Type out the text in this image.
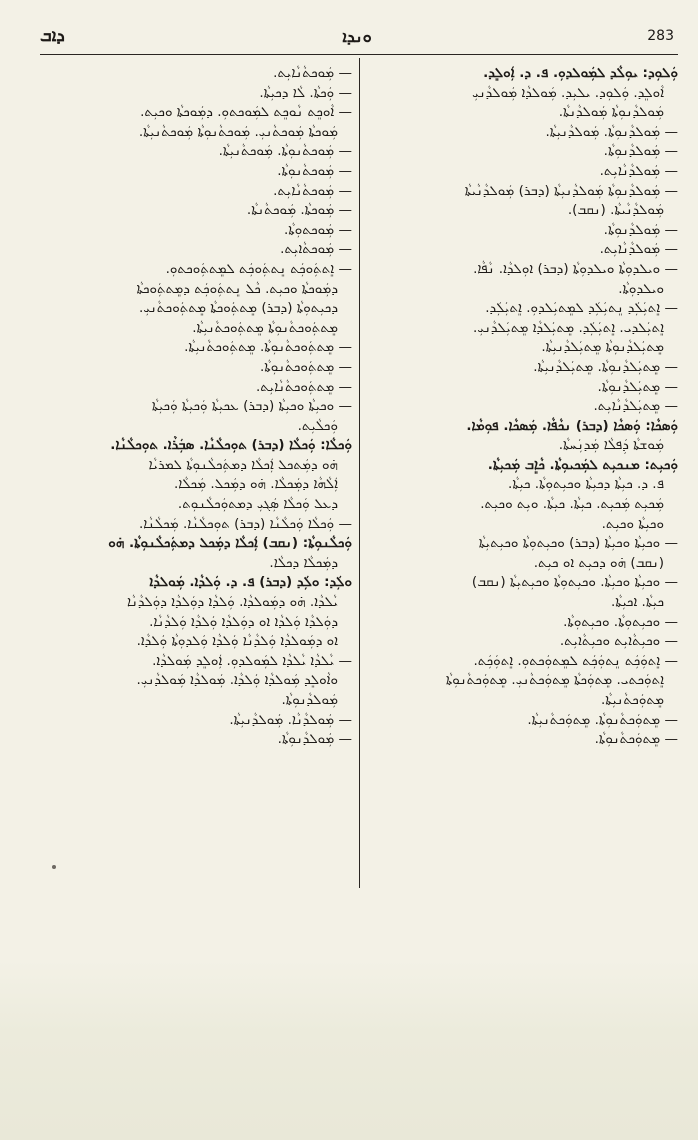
ܕܐܒ	ܘܢܕܐ	283
ܘܲܠܘܼܕ: ܝܘܼܠܵܕ ܠܡܲܘܠܕܘܼ. ܦ. ܕ. ܐܲܘܠܸܕ.
ܐܵܘܠܸܕ. ܘܲܠܘܼܕ. ܝܠܝܼܕ. ܡܲܘܠܕܵܐ ܡܲܘܠܕܵܢܝܼ
ܡܲܘܠܕܵܢܘܼܬܵܐ ܡܲܘܠܕܵܢܬܵܐ.
— ܡܲܘܠܕܵܢܘܼܬܵܐ. ܡܲܘܠܕܵܢܝܼܬܵܐ.
— ܡܲܘܠܕܵܢܘܼܬܵܐ.
— ܡܲܘܠܕܵܢܵܐܝܼܬ.
— ܡܲܘܠܕܵܢܘܼܬܵܐ ܡܲܘܠܕܵܢܝܼܬܵܐ (ܕܒܪ) ܡܲܘܠܕܵܢܵܝܬܵܐ
ܡܲܘܠܕܵܢܵܝܬܵܐ. (ܢܩܒ).
— ܡܲܘܠܕܵܢܘܼܬܵܐ.
— ܡܲܘܠܕܵܢܵܐܝܼܬ.
— ܘܝܠܕܘܼܬܵܐ ܘܝܠܕܘܼܬܵܐ (ܕܒܪ) ܐܘܼܠܕܵܐ. ܢܵܦܵܐ.
ܘܝܠܕܘܼܬܵܐ.
— ܐܸܬܝܲܠܲܕ ܢܸܬܝܲܠܲܕ ܠܡܸܬܝܲܠܕܘܼ. ܐܸܬܝܲܠܲܕ.
ܐܸܬܝܲܠܕܝ. ܐܸܬܝܲܠܲܕ. ܡܸܬܝܲܠܕܵܐ ܡܸܬܝܲܠܕܵܢܝܼ.
ܡܸܬܝܲܠܕܵܢܘܼܬܵܐ ܡܸܬܝܲܠܕܵܢܝܼܬܵܐ.
— ܡܸܬܝܲܠܕܵܢܘܼܬܵܐ. ܡܸܬܝܲܠܕܵܢܝܼܬܵܐ.
— ܡܸܬܝܲܠܕܵܢܘܼܬܵܐ.
— ܡܸܬܝܲܠܕܵܢܵܐܝܼܬ.
ܘܲܣܟܵܐ: ܘܲܣܟܵܐ (ܕܒܪ) ܢܟܵܦܵܐ. ܡܲܣܟܵܐ. ܦܘܼܡܵܐ.
ܡܲܘܫܬܵܐ ܕܲܦܠܵܐ ܡܲܕܢܲܚܬܵܐ.
ܘܲܟܝܼܬ: ܡܢܟܝܼܬ ܠܡܲܟܝܘܼܬܵܐ. ܟܵܐܸܒ ܡܲܟܝܼܬܵܐ.
ܦ. ܕ. ܟܝܼܬܵܐ ܕܟܝܼܬܵܐ ܘܟܝܼܬܘܼܬܵܐ. ܟܝܼܬܵܐ.
ܡܲܟܝܼܬ ܡܲܟܝܼܬ. ܟܝܼܬܵܐ. ܟܝܼܬܵܐ. ܘܝܼܬ ܘܟܝܼܬ.
ܘܟܝܼܬܵܐ ܘܟܝܼܬ.
— ܘܟܝܼܬܵܐ ܘܟܝܼܬܵܐ (ܕܒܪ) ܘܟܝܼܬܘܼܬܵܐ ܘܟܝܼܬܝܼܬܵܐ
(ܢܩܒ) ܗ̇ܘ ܕܟܝܼܬ ܐܘ ܟܝܼܬ.
— ܘܟܝܼܬܵܐ ܘܟܝܼܬܵܐ. ܘܟܝܼܬܘܼܬܵܐ ܘܟܝܼܬܝܼܬܵܐ (ܢܩܒ)
ܟܝܼܬܵܐ. ܐܟܝܼܬܵܐ.
— ܘܟܝܼܬܘܼܬܵܐ. ܘܟܝܼܬܘܼܬܵܐ.
— ܘܟܝܼܬܵܐܝܼܬ ܘܟܝܼܬܵܐܝܼܬ.
— ܐܸܬܘܲܟܲܬ ܢܸܬܘܲܟܲܬ ܠܡܸܬܘܲܟܬܘܼ. ܐܸܬܘܲܟܲܬ.
ܐܸܬܘܲܟܬܝ. ܡܸܬܘܲܟܬܵܐ ܡܸܬܘܲܟܬܵܢܝܼ. ܡܸܬܘܲܟܬܵܢܘܼܬܵܐ
ܡܸܬܘܲܟܬܵܢܝܼܬܵܐ.
— ܡܸܬܘܲܟܬܵܢܘܼܬܵܐ. ܡܸܬܘܲܟܬܵܢܝܼܬܵܐ.
— ܡܸܬܘܲܟܬܵܢܘܼܬܵܐ.
— ܡܲܘܟܬܵܢܵܐܝܼܬ.
— ܘܲܟܬܵܐ. ܠܵܐ ܕܟܝܼܬܵܐ.
— ܐܵܘܟܸܬ ܢܵܘܟܸܬ ܠܡܲܘܟܬܘܼ. ܕܡܲܘܟܬܵܐ ܘܟܝܼܬ.
ܡܲܘܟܬܵܐ ܡܲܘܟܬܵܢܝܼ. ܡܲܘܟܬܵܢܘܼܬܵܐ ܡܲܘܟܬܵܢܝܼܬܵܐ.
— ܡܲܘܟܬܵܢܘܼܬܵܐ. ܡܲܘܟܬܵܢܝܼܬܵܐ.
— ܡܲܘܟܬܵܢܘܼܬܵܐ.
— ܡܲܘܟܬܵܢܵܐܝܼܬ.
— ܡܲܘܟܬܵܐ. ܡܲܘܟܬܵܢܬܵܐ.
— ܡܲܘܟܬܘܼܬܵܐ.
— ܡܲܘܟܬܵܐܝܼܬ.
— ܐܸܬܬܲܘܟܲܬ ܢܸܬܬܲܘܟܲܬ ܠܡܸܬܬܲܘܟܬܘܼ.
ܕܡܲܘܟܬܵܐ ܘܟܝܼܬ. ܟܵܠ ܢܸܬܬܲܘܟܲܬ ܕܡܸܬܬܲܘܟܬܵܐ
ܕܟܝܼܬܘܼܬܵܐ (ܕܒܪ) ܡܸܬܬܲܘܟܬܵܐ ܡܸܬܬܲܘܟܬܵܢܝܼ.
ܡܸܬܬܲܘܟܬܵܢܘܼܬܵܐ ܡܸܬܬܲܘܟܬܵܢܝܼܬܵܐ.
— ܡܸܬܬܲܘܟܬܵܢܘܼܬܵܐ. ܡܸܬܬܲܘܟܬܵܢܝܼܬܵܐ.
— ܡܸܬܬܲܘܟܬܵܢܘܼܬܵܐ.
— ܡܸܬܬܲܘܟܬܵܢܵܐܝܼܬ.
— ܘܟܝܼܬܵܐ ܘܟܝܼܬܵܐ (ܕܒܪ) ܥܟܝܼܬܵܐ ܘܲܟܝܼܬܵܐ ܘܲܟܝܼܬܵܐ
ܘܲܟܠܵܝܼܬ.
ܘܲܟܠܵܐ: ܘܲܟܠܵܐ (ܕܒܪ) ܬܘܼܟܠܵܢܵܐ. ܣܒܲܪܵܐ. ܬܘܼܟܠܵܢܵܐ.
ܗ̇ܘ ܕܡܲܬܟܠ ܐܲܟܠܵܐ ܕܡܬܲܟܠܵܢܘܼܬܵܐ ܠܡܪܝܵܐ
ܐܲܠܵܗܵܐ ܕܡܲܟܠܵܐ. ܗ̇ܘ ܕܡܲܟܠ. ܡܲܟܠܵܐ.
ܕܥܠ ܘܲܟܠܵܐ ܣܲܓܝܼ ܕܡܬܘܲܟܠܵܢܘܼܬ.
— ܘܲܟܠܵܐ ܘܲܟܠܵܢܵܐ (ܕܒܪ) ܬܘܼܟܠܵܢܵܐ. ܡܲܟܠܵܢܵܐ.
ܘܲܟܠܵܢܘܼܬܵܐ: (ܢܩܒ) ܐܲܟܠܵܐ ܕܡܲܟܠ ܕܡܬܲܟܠܵܢܘܼܬܵܐ. ܗ̇ܘ
ܕܡܲܟܠܵܐ ܕܟܠܵܐ.
ܘܠܲܕ: ܘܠܲܕ (ܕܒܪ) ܦ. ܕ. ܘܲܠܕܵܐ. ܡܲܘܠܕܵܐ
ܝܵܠܕܵܐ. ܗ̇ܘ ܕܡܲܘܠܕܵܐ. ܘܲܠܕܵܐ ܕܘܲܠܕܵܐ ܕܘܲܠܕܵܢܵܐ
ܕܘܲܠܕܵܐ ܘܲܠܕܵܐ ܐܘ ܕܘܲܠܕܵܐ ܘܲܠܕܵܐ ܘܲܠܕܵܢܵܐ.
ܐܘ ܕܡܲܘܠܕܵܐ ܘܲܠܕܵܢܵܐ ܘܲܠܕܵܐ ܘܲܠܕܘܼܬܵܐ ܘܲܠܕܵܐ.
— ܝܵܠܕܵܐ ܝܵܠܕܵܐ ܠܡܲܘܠܕܘܼ. ܐܲܘܠܸܕ ܡܲܘܠܕܵܐ.
ܘܐܵܘܠܸܕ ܡܲܘܠܕܵܐ ܘܲܠܕܵܐ. ܡܲܘܠܕܵܐ ܡܲܘܠܕܵܢܝܼ.
ܡܲܘܠܕܵܢܘܼܬܵܐ.
— ܡܲܘܠܕܵܢܵܐ. ܡܲܘܠܕܵܢܝܼܬܵܐ.
— ܡܲܘܠܕܵܢܘܼܬܵܐ.
